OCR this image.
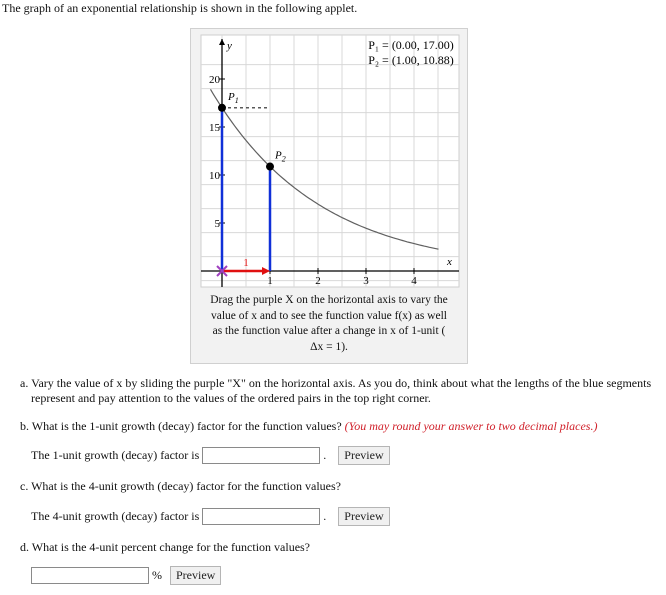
The graph of an exponential relationship is shown in the following applet.
y
x
1	2	3	4
20
15
10
5
1
$P_1$
$P_2$
P₁ = (0.00, 17.00)
P₂ = (1.00, 10.88)
Drag the purple X on the horizontal axis to vary the
value of x and to see the function value f(x) as well
as the function value after a change in x of 1-unit (
Δx = 1).
a. Vary the value of x by sliding the purple "X" on the horizontal axis. As you do, think about what the lengths of the blue segments
represent and pay attention to the values of the ordered pairs in the top right corner.
b. What is the 1-unit growth (decay) factor for the function values? (You may round your answer to two decimal places.)
The 1-unit growth (decay) factor is	.	Preview
c. What is the 4-unit growth (decay) factor for the function values?
The 4-unit growth (decay) factor is	.	Preview
d. What is the 4-unit percent change for the function values?
%	Preview
